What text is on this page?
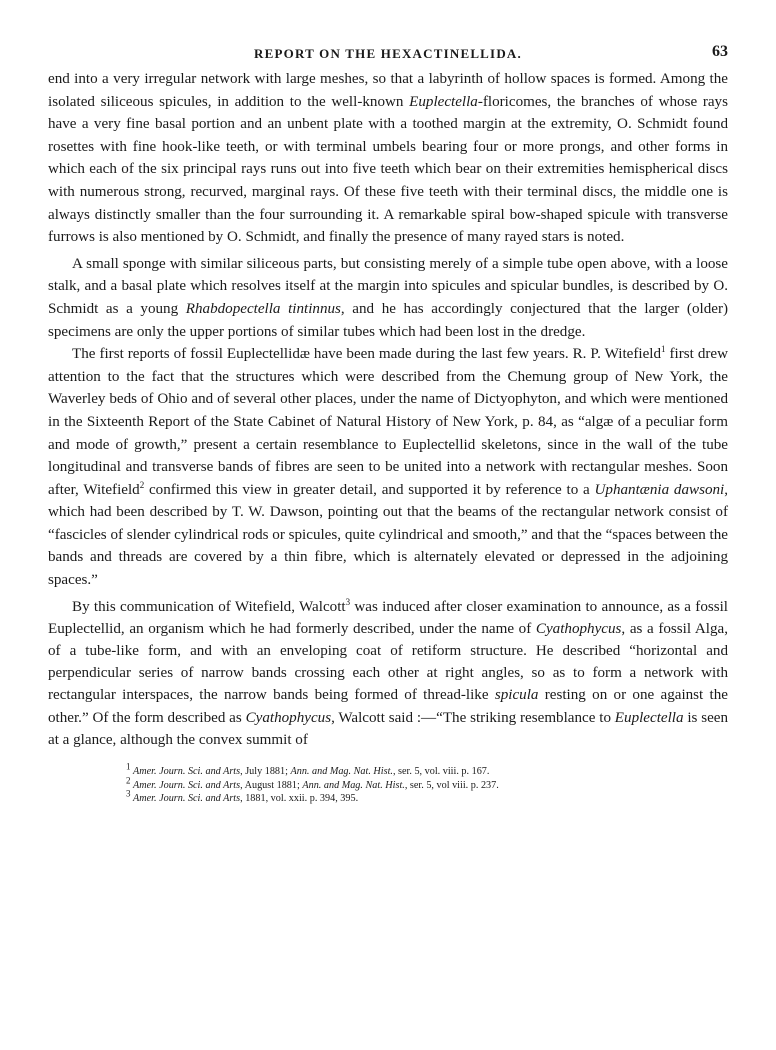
REPORT ON THE HEXACTINELLIDA.	63

end into a very irregular network with large meshes, so that a labyrinth of hollow spaces is formed. Among the isolated siliceous spicules, in addition to the well-known Euplectella-floricomes, the branches of whose rays have a very fine basal portion and an unbent plate with a toothed margin at the extremity, O. Schmidt found rosettes with fine hook-like teeth, or with terminal umbels bearing four or more prongs, and other forms in which each of the six principal rays runs out into five teeth which bear on their extremities hemispherical discs with numerous strong, recurved, marginal rays. Of these five teeth with their terminal discs, the middle one is always distinctly smaller than the four surrounding it. A remarkable spiral bow-shaped spicule with transverse furrows is also mentioned by O. Schmidt, and finally the presence of many rayed stars is noted.

A small sponge with similar siliceous parts, but consisting merely of a simple tube open above, with a loose stalk, and a basal plate which resolves itself at the margin into spicules and spicular bundles, is described by O. Schmidt as a young Rhabdopectella tintinnus, and he has accordingly conjectured that the larger (older) specimens are only the upper portions of similar tubes which had been lost in the dredge.

The first reports of fossil Euplectellidæ have been made during the last few years. R. P. Witefield$^1$ first drew attention to the fact that the structures which were described from the Chemung group of New York, the Waverley beds of Ohio and of several other places, under the name of Dictyophyton, and which were mentioned in the Sixteenth Report of the State Cabinet of Natural History of New York, p. 84, as “algæ of a peculiar form and mode of growth,” present a certain resemblance to Euplectellid skeletons, since in the wall of the tube longitudinal and transverse bands of fibres are seen to be united into a network with rectangular meshes. Soon after, Witefield$^2$ confirmed this view in greater detail, and supported it by reference to a Uphantænia dawsoni, which had been described by T. W. Dawson, pointing out that the beams of the rectangular network consist of “fascicles of slender cylindrical rods or spicules, quite cylindrical and smooth,” and that the “spaces between the bands and threads are covered by a thin fibre, which is alternately elevated or depressed in the adjoining spaces.”

By this communication of Witefield, Walcott$^3$ was induced after closer examination to announce, as a fossil Euplectellid, an organism which he had formerly described, under the name of Cyathophycus, as a fossil Alga, of a tube-like form, and with an enveloping coat of retiform structure. He described “horizontal and perpendicular series of narrow bands crossing each other at right angles, so as to form a network with rectangular interspaces, the narrow bands being formed of thread-like spicula resting on or one against the other.” Of the form described as Cyathophycus, Walcott said :—“The striking resemblance to Euplectella is seen at a glance, although the convex summit of

$^1$ Amer. Journ. Sci. and Arts, July 1881; Ann. and Mag. Nat. Hist., ser. 5, vol. viii. p. 167.
$^2$ Amer. Journ. Sci. and Arts, August 1881; Ann. and Mag. Nat. Hist., ser. 5, vol viii. p. 237.
$^3$ Amer. Journ. Sci. and Arts, 1881, vol. xxii. p. 394, 395.
